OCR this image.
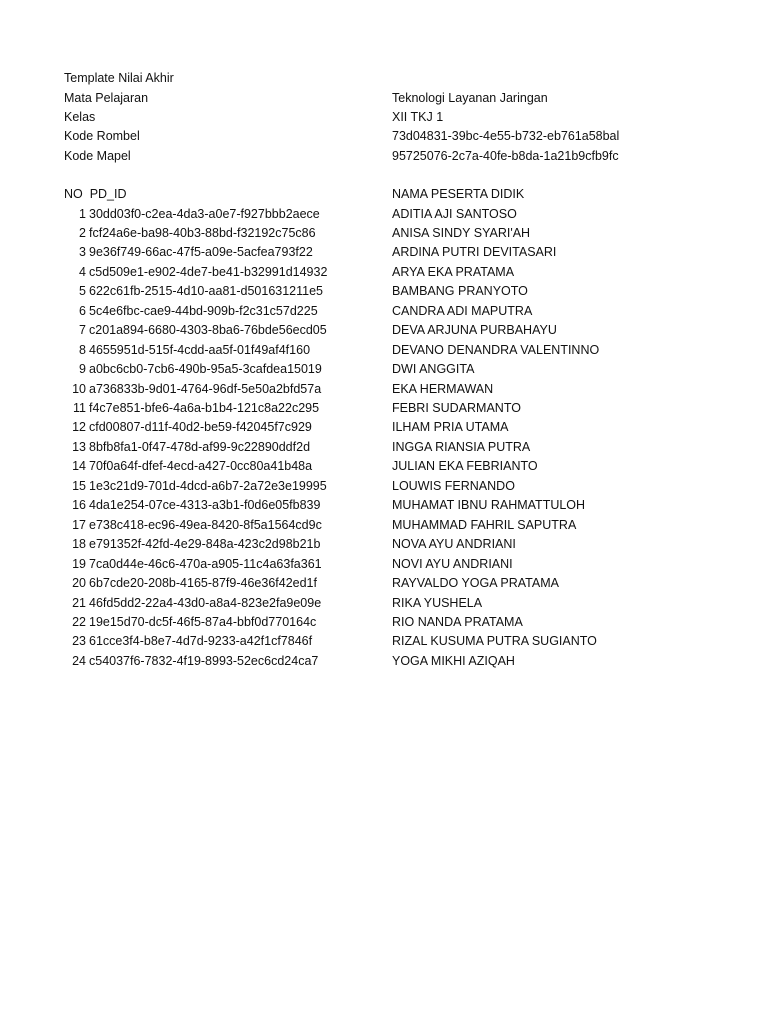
Template Nilai Akhir
Mata Pelajaran	Teknologi Layanan Jaringan
Kelas	XII TKJ 1
Kode Rombel	73d04831-39bc-4e55-b732-eb761a58bal
Kode Mapel	95725076-2c7a-40fe-b8da-1a21b9cfb9fc
NO  PD_ID	NAMA PESERTA DIDIK
1 30dd03f0-c2ea-4da3-a0e7-f927bbb2aece	ADITIA AJI SANTOSO
2 fcf24a6e-ba98-40b3-88bd-f32192c75c86	ANISA SINDY SYARI'AH
3 9e36f749-66ac-47f5-a09e-5acfea793f22	ARDINA PUTRI DEVITASARI
4 c5d509e1-e902-4de7-be41-b32991d14932	ARYA EKA PRATAMA
5 622c61fb-2515-4d10-aa81-d501631211e5	BAMBANG PRANYOTO
6 5c4e6fbc-cae9-44bd-909b-f2c31c57d225	CANDRA ADI MAPUTRA
7 c201a894-6680-4303-8ba6-76bde56ecd05	DEVA ARJUNA PURBAHAYU
8 4655951d-515f-4cdd-aa5f-01f49af4f160	DEVANO DENANDRA VALENTINNO
9 a0bc6cb0-7cb6-490b-95a5-3cafdea15019	DWI ANGGITA
10 a736833b-9d01-4764-96df-5e50a2bfd57a	EKA HERMAWAN
11 f4c7e851-bfe6-4a6a-b1b4-121c8a22c295	FEBRI SUDARMANTO
12 cfd00807-d11f-40d2-be59-f42045f7c929	ILHAM PRIA UTAMA
13 8bfb8fa1-0f47-478d-af99-9c22890ddf2d	INGGA RIANSIA PUTRA
14 70f0a64f-dfef-4ecd-a427-0cc80a41b48a	JULIAN EKA FEBRIANTO
15 1e3c21d9-701d-4dcd-a6b7-2a72e3e19995	LOUWIS FERNANDO
16 4da1e254-07ce-4313-a3b1-f0d6e05fb839	MUHAMAT IBNU RAHMATTULOH
17 e738c418-ec96-49ea-8420-8f5a1564cd9c	MUHAMMAD FAHRIL SAPUTRA
18 e791352f-42fd-4e29-848a-423c2d98b21b	NOVA AYU ANDRIANI
19 7ca0d44e-46c6-470a-a905-11c4a63fa361	NOVI AYU ANDRIANI
20 6b7cde20-208b-4165-87f9-46e36f42ed1f	RAYVALDO YOGA PRATAMA
21 46fd5dd2-22a4-43d0-a8a4-823e2fa9e09e	RIKA YUSHELA
22 19e15d70-dc5f-46f5-87a4-bbf0d770164c	RIO NANDA PRATAMA
23 61cce3f4-b8e7-4d7d-9233-a42f1cf7846f	RIZAL KUSUMA PUTRA SUGIANTO
24 c54037f6-7832-4f19-8993-52ec6cd24ca7	YOGA MIKHI AZIQAH
